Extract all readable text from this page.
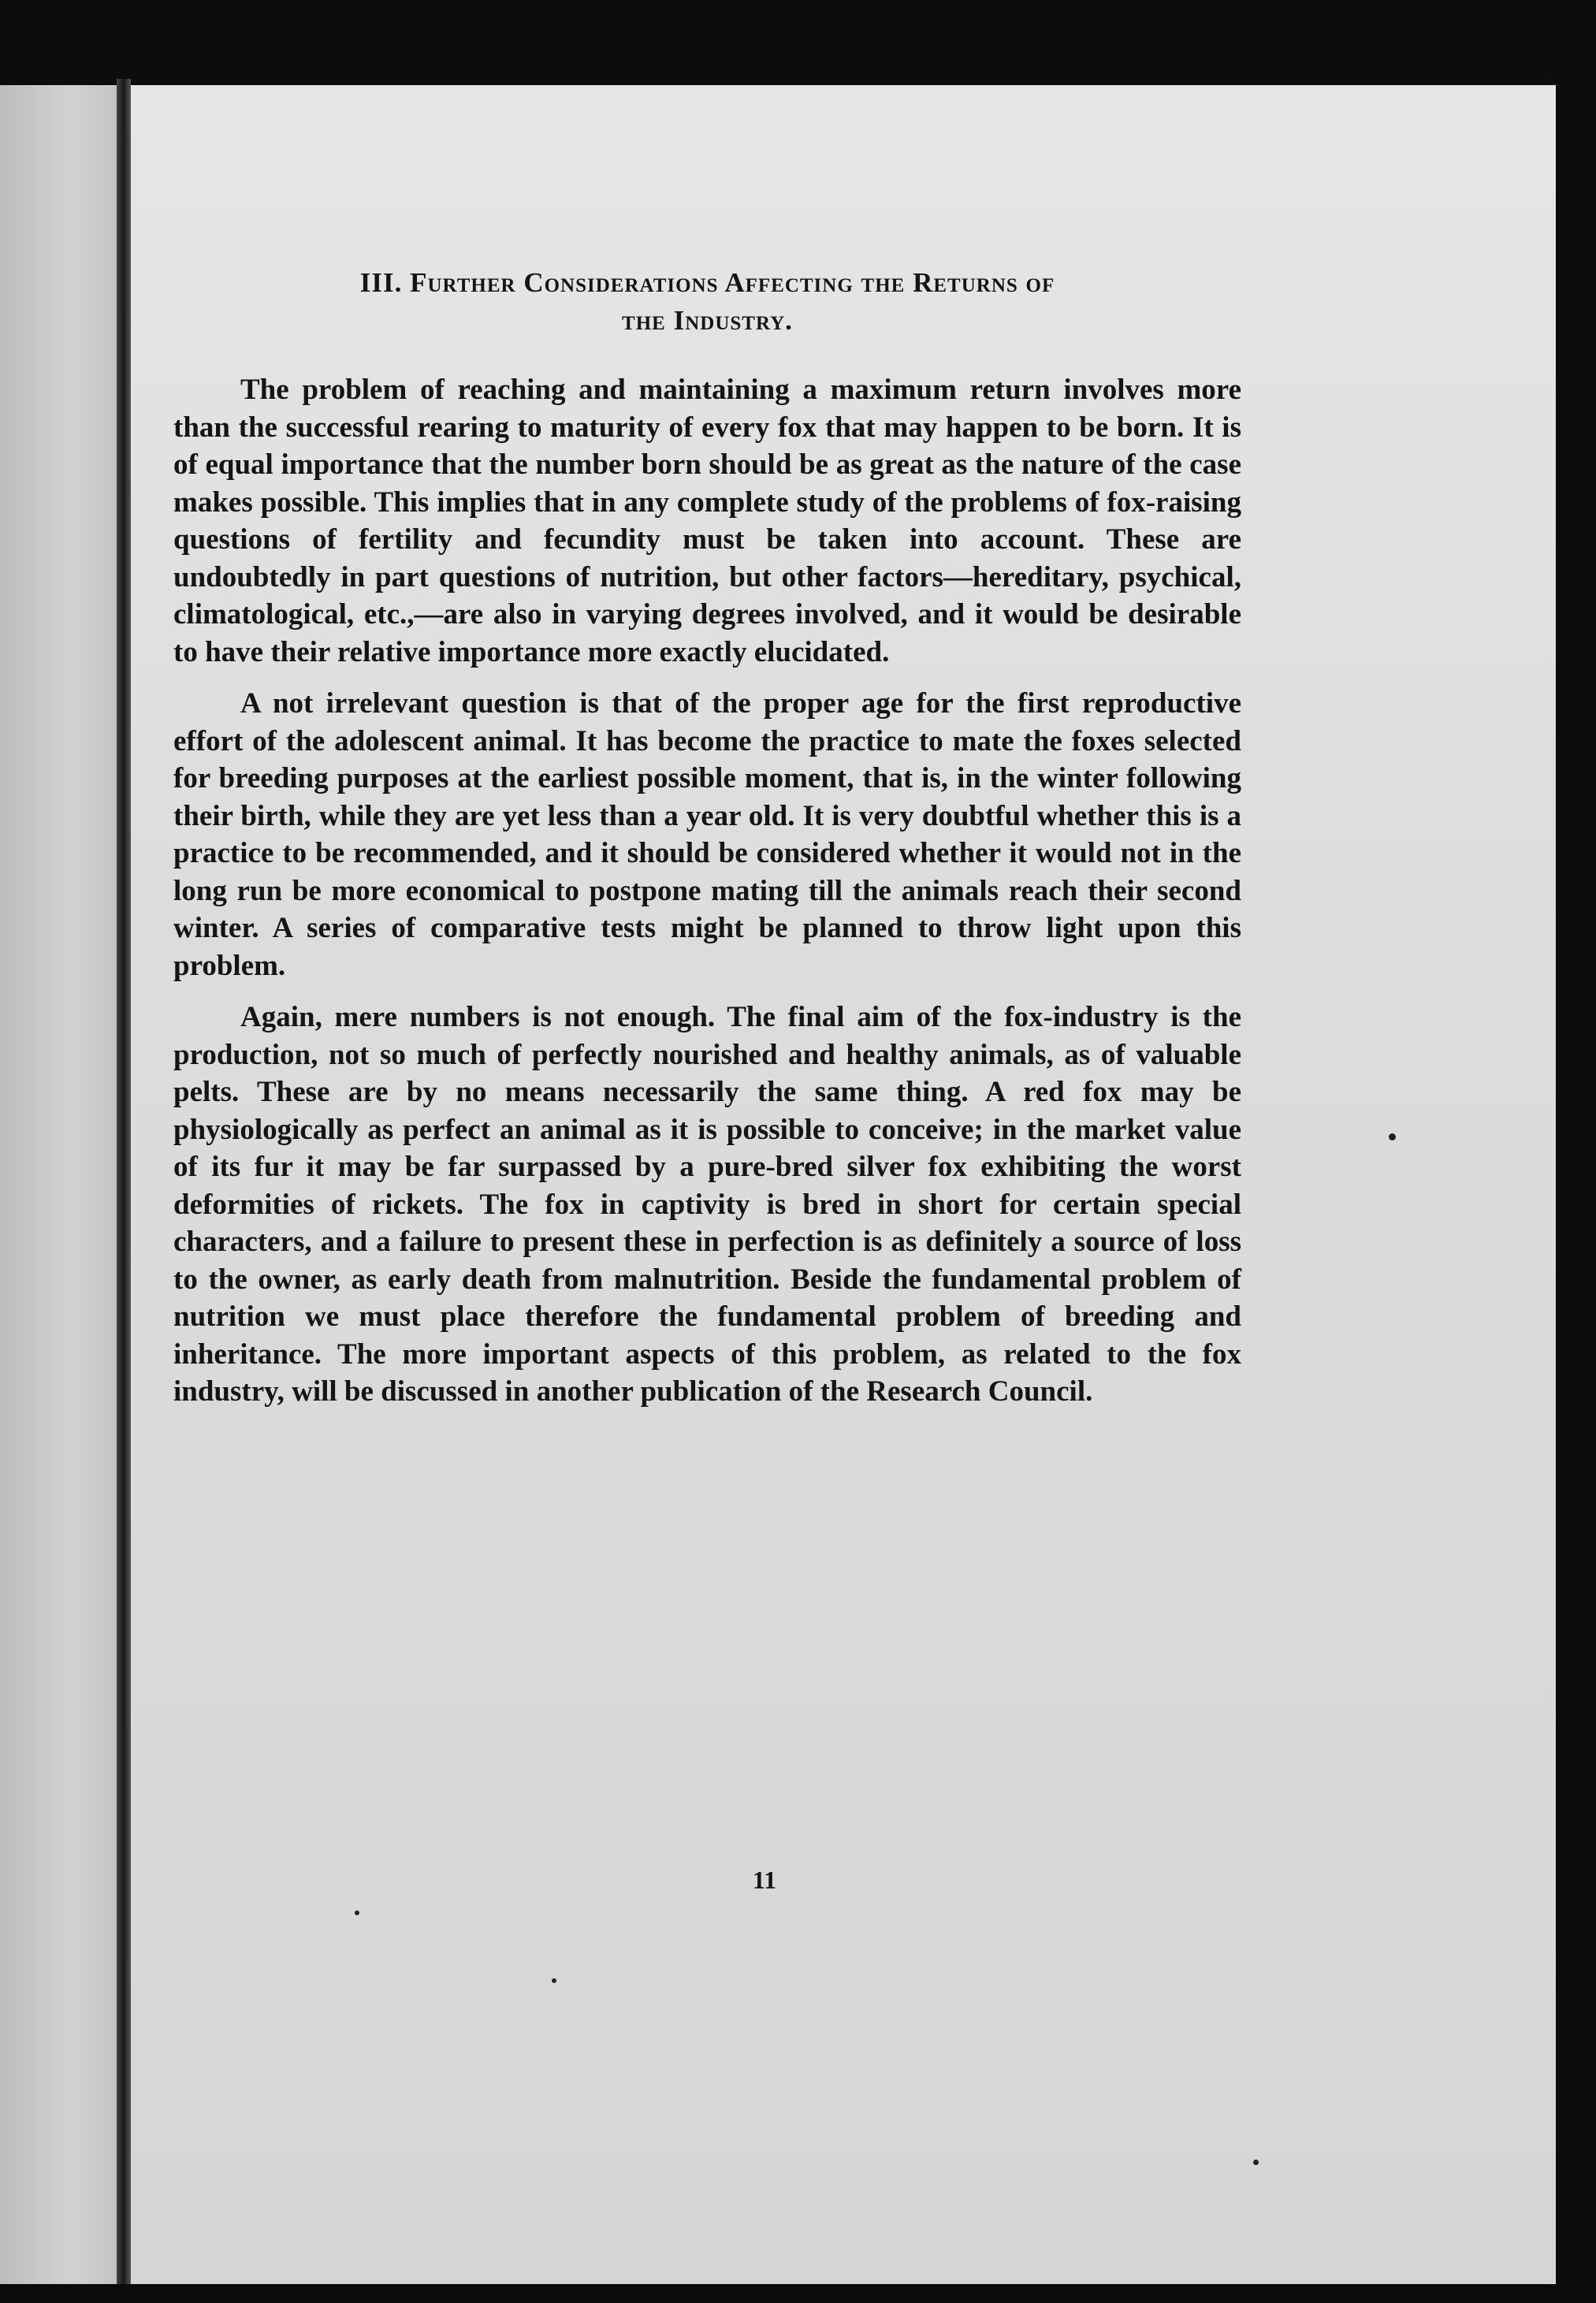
III. Further Considerations Affecting the Returns of
the Industry.

The problem of reaching and maintaining a maximum return involves more than the successful rearing to maturity of every fox that may happen to be born. It is of equal importance that the number born should be as great as the nature of the case makes possible. This implies that in any complete study of the problems of fox-raising questions of fertility and fecundity must be taken into account. These are undoubtedly in part questions of nutrition, but other factors—hereditary, psychical, climatological, etc.,—are also in varying degrees involved, and it would be desirable to have their relative importance more exactly elucidated.

A not irrelevant question is that of the proper age for the first reproductive effort of the adolescent animal. It has become the practice to mate the foxes selected for breeding purposes at the earliest possible moment, that is, in the winter following their birth, while they are yet less than a year old. It is very doubtful whether this is a practice to be recommended, and it should be considered whether it would not in the long run be more economical to postpone mating till the animals reach their second winter. A series of comparative tests might be planned to throw light upon this problem.

Again, mere numbers is not enough. The final aim of the fox-industry is the production, not so much of perfectly nourished and healthy animals, as of valuable pelts. These are by no means necessarily the same thing. A red fox may be physiologically as perfect an animal as it is possible to conceive; in the market value of its fur it may be far surpassed by a pure-bred silver fox exhibiting the worst deformities of rickets. The fox in captivity is bred in short for certain special characters, and a failure to present these in perfection is as definitely a source of loss to the owner, as early death from malnutrition. Beside the fundamental problem of nutrition we must place therefore the fundamental problem of breeding and inheritance. The more important aspects of this problem, as related to the fox industry, will be discussed in another publication of the Research Council.

11
